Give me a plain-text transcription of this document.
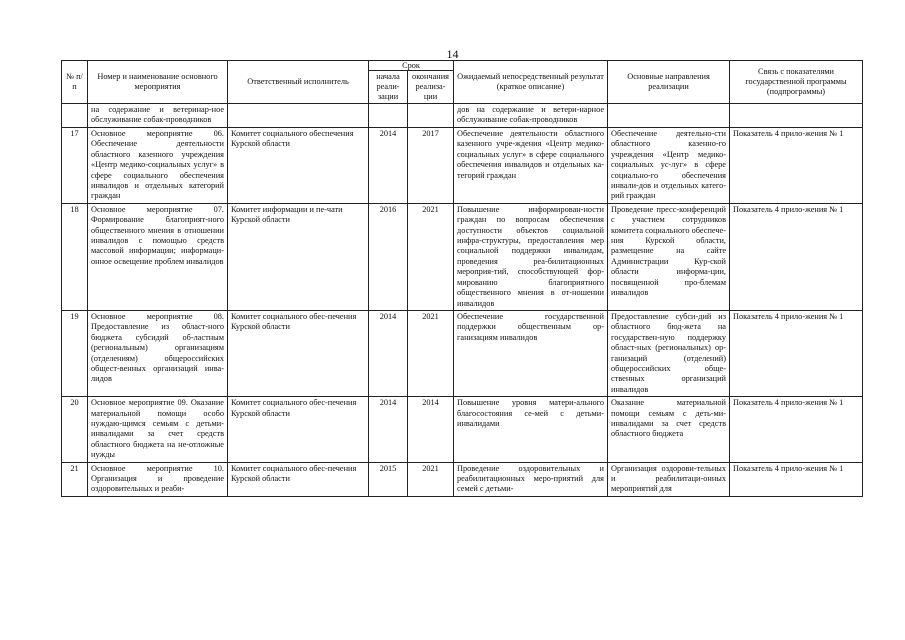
14
№ п/п	Номер и наименование основного мероприятия	Ответственный исполнитель	Срок		Ожидаемый непосредственный результат (краткое описание)	Основные направления реализации	Связь с показателями государственной программы (подпрограммы)
			начала реали-зации	окончания реализа-ции			
	на содержание и ветеринар-ное обслуживание собак-проводников				дов на содержание и ветери-нарное обслуживание собак-проводников		
17	Основное мероприятие 06. Обеспечение деятельности областного казенного учреждения «Центр медико-социальных услуг» в сфере социального обеспечения инвалидов и отдельных категорий граждан	Комитет социального обеспечения Курской области	2014	2017	Обеспечение деятельности областного казенного учре-ждения «Центр медико-социальных услуг» в сфере социального обеспечения инвалидов и отдельных ка-тегорий граждан	Обеспечение деятельно-сти областного казенно-го учреждения «Центр медико-социальных ус-луг» в сфере социально-го обеспечения инвали-дов и отдельных катего-рий граждан	Показатель 4 прило-жения № 1
18	Основное мероприятие 07. Формирование благоприят-ного общественного мнения в отношении инвалидов с помощью средств массовой информации; информаци-онное освещение проблем инвалидов	Комитет информации и пе-чати Курской области	2016	2021	Повышение информирован-ности граждан по вопросам обеспечения доступности объектов социальной инфра-структуры, предоставления мер социальной поддержки инвалидам, проведения реа-билитационных мероприя-тий, способствующей фор-мированию благоприятного общественного мнения в от-ношении инвалидов	Проведение пресс-конференций с участием сотрудников комитета социального обеспече-ния Курской области, размещение на сайте Администрации Кур-ской области информа-ции, посвященной про-блемам инвалидов	Показатель 4 прило-жения № 1
19	Основное мероприятие 08. Предоставление из област-ного бюджета субсидий об-ластным (региональным) организациям (отделениям) общероссийских общест-венных организаций инва-лидов	Комитет социального обес-печения Курской области	2014	2021	Обеспечение государственной поддержки общественным ор-ганизациям инвалидов	Предоставление субси-дий из областного бюд-жета на государствен-ную поддержку област-ных (региональных) ор-ганизаций (отделений) общероссийских обще-ственных организаций инвалидов	Показатель 4 прило-жения № 1
20	Основное мероприятие 09. Оказание материальной помощи особо нуждаю-щимся семьям с детьми-инвалидами за счет средств областного бюджета на не-отложные нужды	Комитет социального обес-печения Курской области	2014	2014	Повышение уровня матери-ального благосостояния се-мей с детьми-инвалидами	Оказание материальной помощи семьям с деть-ми-инвалидами за счет средств областного бюджета	Показатель 4 прило-жения № 1
21	Основное мероприятие 10. Организация и проведение оздоровительных и реаби-	Комитет социального обес-печения Курской области	2015	2021	Проведение оздоровительных и реабилитационных меро-приятий для семей с детьми-	Организация оздорови-тельных и реабилитаци-онных мероприятий для	Показатель 4 прило-жения № 1
